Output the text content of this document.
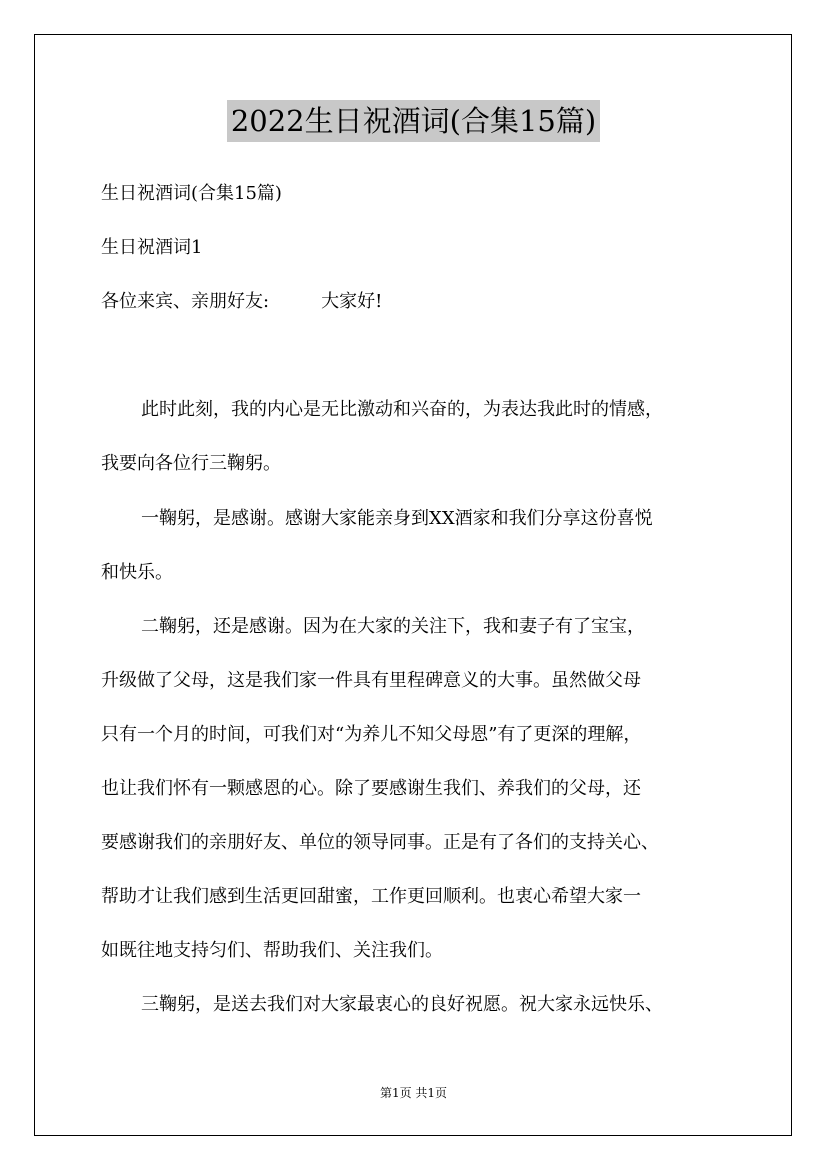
2022生日祝酒词(合集15篇)
生日祝酒词(合集15篇)
生日祝酒词1
各位来宾、亲朋好友:	大家好!
此时此刻，我的内心是无比激动和兴奋的，为表达我此时的情感，
我要向各位行三鞠躬。
一鞠躬，是感谢。感谢大家能亲身到XX酒家和我们分享这份喜悦
和快乐。
二鞠躬，还是感谢。因为在大家的关注下，我和妻子有了宝宝，
升级做了父母，这是我们家一件具有里程碑意义的大事。虽然做父母
只有一个月的时间，可我们对“为养儿不知父母恩”有了更深的理解，
也让我们怀有一颗感恩的心。除了要感谢生我们、养我们的父母，还
要感谢我们的亲朋好友、单位的领导同事。正是有了各们的支持关心、
帮助才让我们感到生活更回甜蜜，工作更回顺利。也衷心希望大家一
如既往地支持匀们、帮助我们、关注我们。
三鞠躬，是送去我们对大家最衷心的良好祝愿。祝大家永远快乐、
第1页 共1页
